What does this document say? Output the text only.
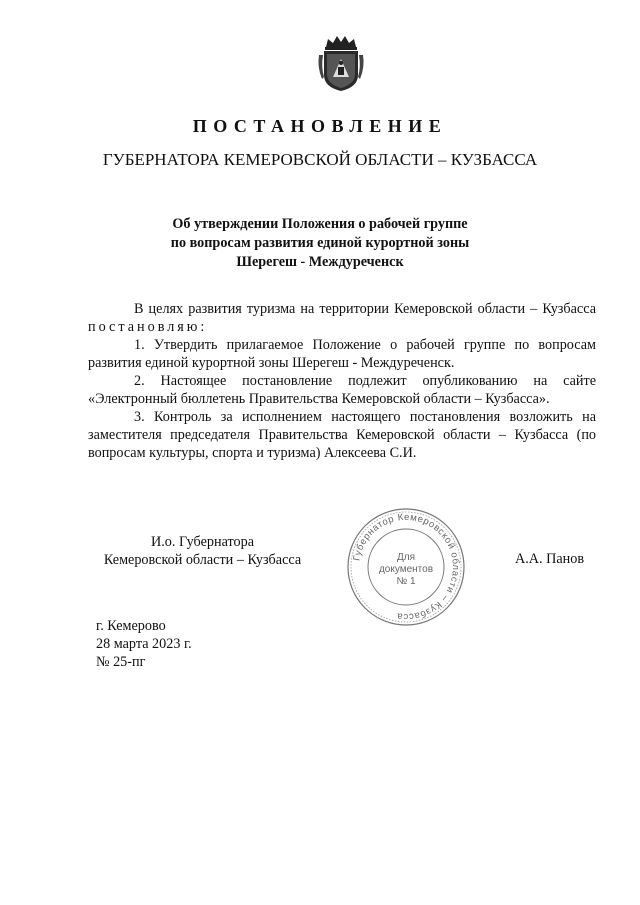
ПОСТАНОВЛЕНИЕ
ГУБЕРНАТОРА КЕМЕРОВСКОЙ ОБЛАСТИ – КУЗБАССА
Об утверждении Положения о рабочей группе
по вопросам развития единой курортной зоны
Шерегеш - Междуреченск

В целях развития туризма на территории Кемеровской области – Кузбасса постановляю:

1. Утвердить прилагаемое Положение о рабочей группе по вопросам развития единой курортной зоны Шерегеш - Междуреченск.

2. Настоящее постановление подлежит опубликованию на сайте «Электронный бюллетень Правительства Кемеровской области – Кузбасса».

3. Контроль за исполнением настоящего постановления возложить на заместителя председателя Правительства Кемеровской области – Кузбасса (по вопросам культуры, спорта и туризма) Алексеева С.И.

И.о. Губернатора
Кемеровской области – Кузбасса	Губернатор Кемеровской области – Кузбасса
Для
документов
№ 1
А.А. Панов
г. Кемерово
28 марта 2023 г.
№ 25-пг
